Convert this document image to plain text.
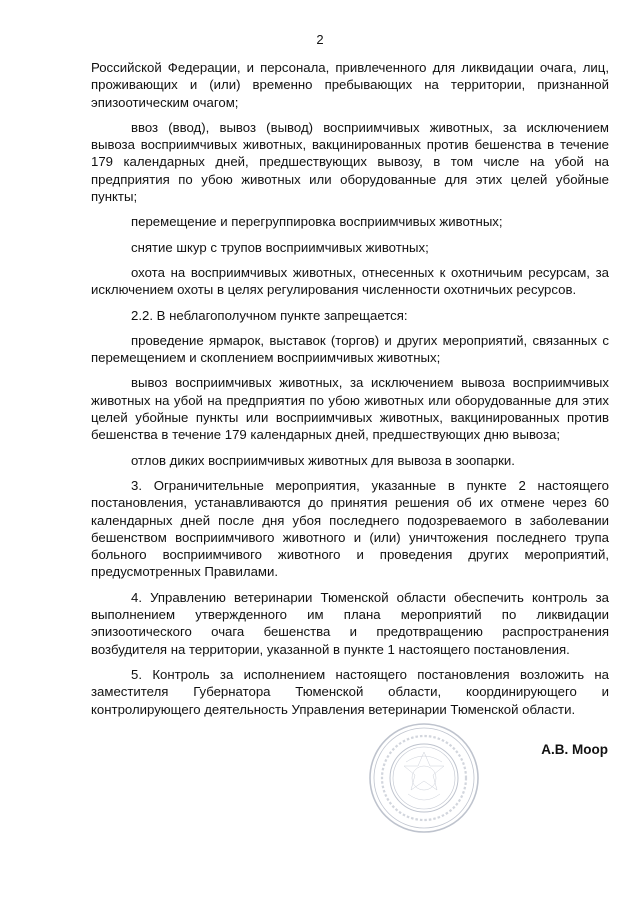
2

Российской Федерации, и персонала, привлеченного для ликвидации очага, лиц, проживающих и (или) временно пребывающих на территории, признанной эпизоотическим очагом;

ввоз (ввод), вывоз (вывод) восприимчивых животных, за исключением вывоза восприимчивых животных, вакцинированных против бешенства в течение 179 календарных дней, предшествующих вывозу, в том числе на убой на предприятия по убою животных или оборудованные для этих целей убойные пункты;

перемещение и перегруппировка восприимчивых животных;

снятие шкур с трупов восприимчивых животных;

охота на восприимчивых животных, отнесенных к охотничьим ресурсам, за исключением охоты в целях регулирования численности охотничьих ресурсов.

2.2. В неблагополучном пункте запрещается:

проведение ярмарок, выставок (торгов) и других мероприятий, связанных с перемещением и скоплением восприимчивых животных;

вывоз восприимчивых животных, за исключением вывоза восприимчивых животных на убой на предприятия по убою животных или оборудованные для этих целей убойные пункты или восприимчивых животных, вакцинированных против бешенства в течение 179 календарных дней, предшествующих дню вывоза;

отлов диких восприимчивых животных для вывоза в зоопарки.

3. Ограничительные мероприятия, указанные в пункте 2 настоящего постановления, устанавливаются до принятия решения об их отмене через 60 календарных дней после дня убоя последнего подозреваемого в заболевании бешенством восприимчивого животного и (или) уничтожения последнего трупа больного восприимчивого животного и проведения других мероприятий, предусмотренных Правилами.

4. Управлению ветеринарии Тюменской области обеспечить контроль за выполнением утвержденного им плана мероприятий по ликвидации эпизоотического очага бешенства и предотвращению распространения возбудителя на территории, указанной в пункте 1 настоящего постановления.

5. Контроль за исполнением настоящего постановления возложить на заместителя Губернатора Тюменской области, координирующего и контролирующего деятельность Управления ветеринарии Тюменской области.

А.В. Моор
